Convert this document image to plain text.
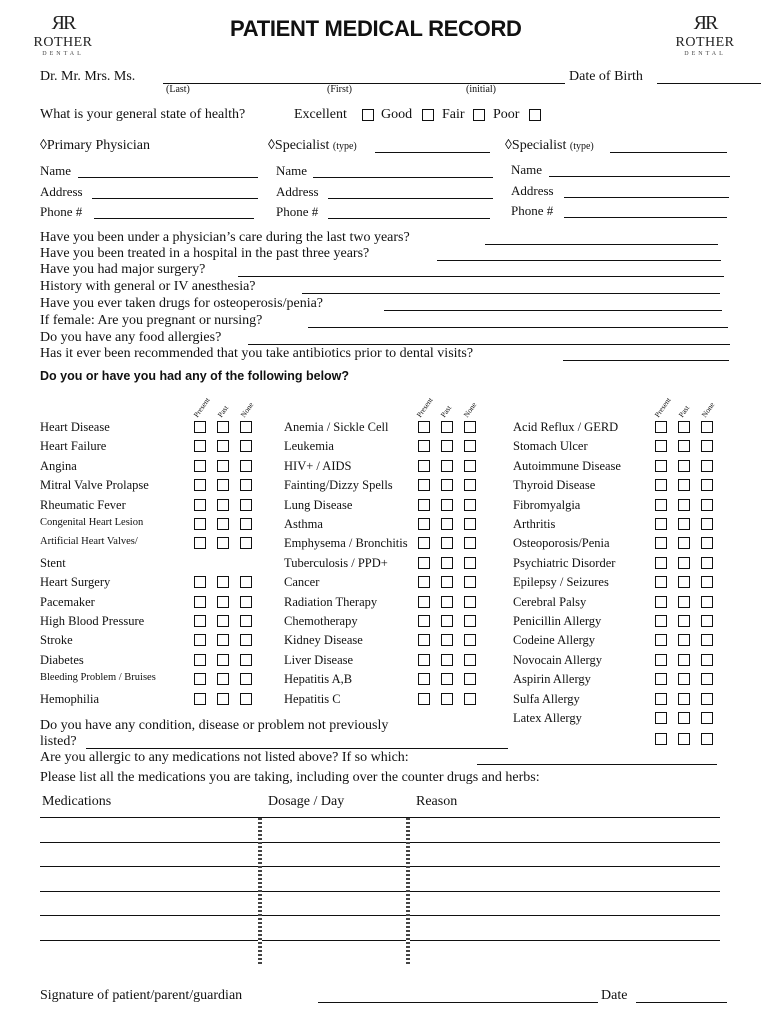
ЯR
ROTHER
DENTAL
ЯR
ROTHER
DENTAL
PATIENT MEDICAL RECORD
Dr. Mr. Mrs. Ms.
(Last)	(First)	(initial)
Date of Birth
What is your general state of health?	Excellent Good Fair Poor
◊Primary Physician	◊Specialist (type)	◊Specialist (type)
Name
Address
Phone #
Name
Address
Phone #
Name
Address
Phone #
Have you been under a physician’s care during the last two years?
Have you been treated in a hospital in the past three years?
Have you had major surgery?
History with general or IV anesthesia?
Have you ever taken drugs for osteoperosis/penia?
If female: Are you pregnant or nursing?
Do you have any food allergies?
Has it ever been recommended that you take antibiotics prior to dental visits?
Do you or have you had any of the following below?
Present Past None	Present Past None	Present Past None
Heart Disease
Heart Failure
Angina
Mitral Valve Prolapse
Rheumatic Fever
Congenital Heart Lesion
Artificial Heart Valves/
Stent
Heart Surgery
Pacemaker
High Blood Pressure
Stroke
Diabetes
Bleeding Problem / Bruises
Hemophilia
Anemia / Sickle Cell
Leukemia
HIV+ / AIDS
Fainting/Dizzy Spells
Lung Disease
Asthma
Emphysema / Bronchitis
Tuberculosis / PPD+
Cancer
Radiation Therapy
Chemotherapy
Kidney Disease
Liver Disease
Hepatitis A,B
Hepatitis C
Acid Reflux / GERD
Stomach Ulcer
Autoimmune Disease
Thyroid Disease
Fibromyalgia
Arthritis
Osteoporosis/Penia
Psychiatric Disorder
Epilepsy / Seizures
Cerebral Palsy
Penicillin Allergy
Codeine Allergy
Novocain Allergy
Aspirin Allergy
Sulfa Allergy
Latex Allergy
Do you have any condition, disease or problem not previously
listed?
Are you allergic to any medications not listed above? If so which:
Please list all the medications you are taking, including over the counter drugs and herbs:
Medications	Dosage / Day	Reason
Signature of patient/parent/guardian	Date
